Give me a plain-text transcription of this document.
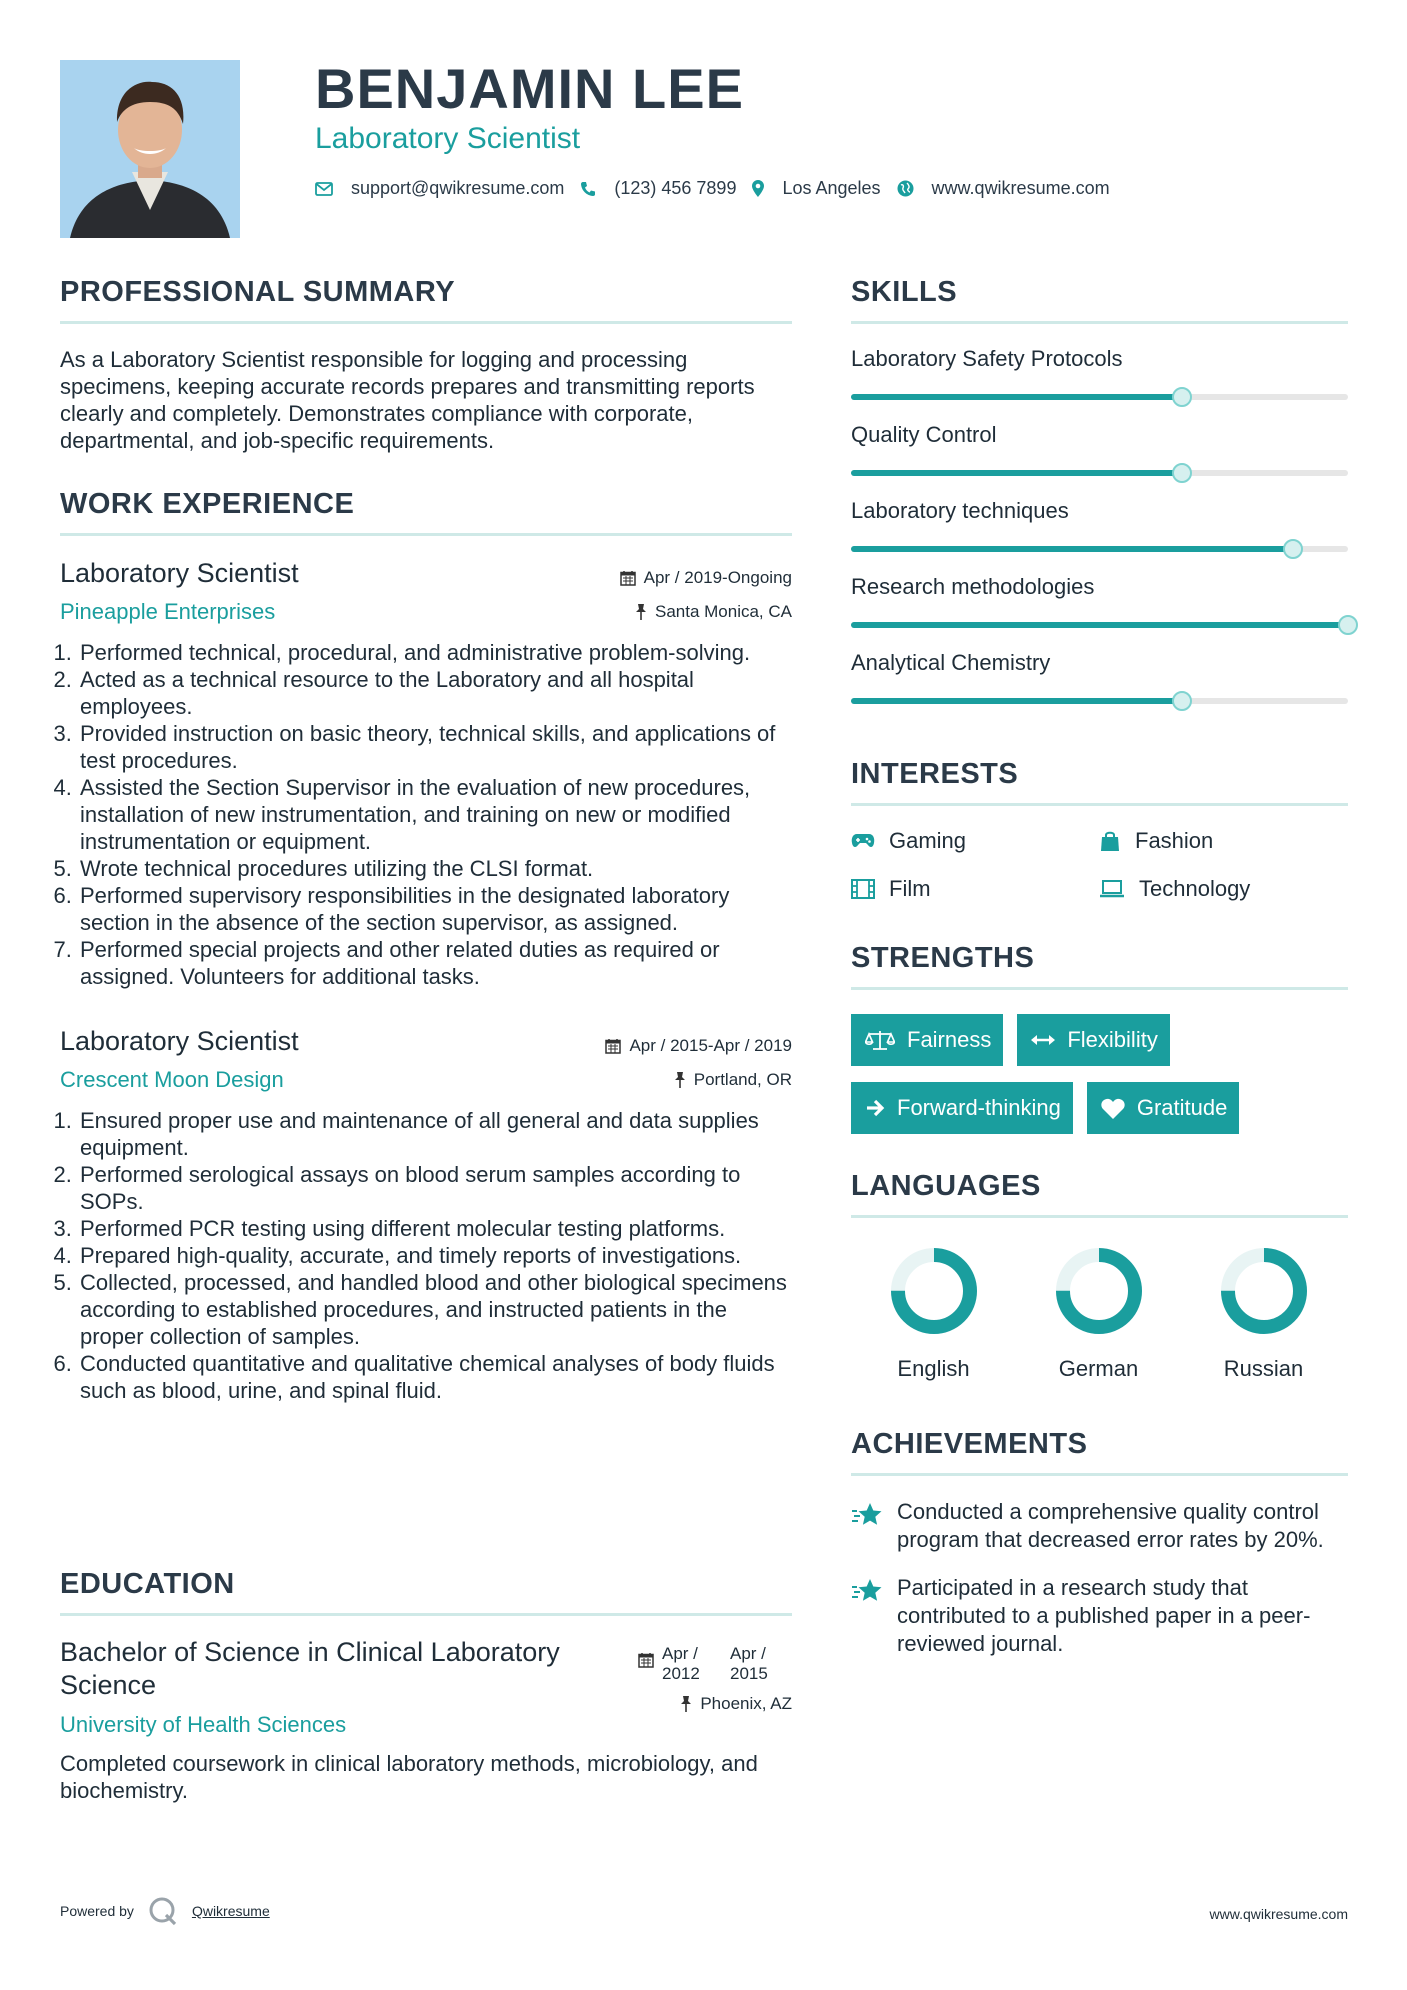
BENJAMIN LEE
Laboratory Scientist
support@qwikresume.com	(123) 456 7899	Los Angeles	www.qwikresume.com
PROFESSIONAL SUMMARY
As a Laboratory Scientist responsible for logging and processing specimens, keeping accurate records prepares and transmitting reports clearly and completely. Demonstrates compliance with corporate, departmental, and job-specific requirements.
WORK EXPERIENCE
Laboratory Scientist
Pineapple Enterprises
Apr / 2019-Ongoing
Santa Monica, CA
1. Performed technical, procedural, and administrative problem-solving.
2. Acted as a technical resource to the Laboratory and all hospital employees.
3. Provided instruction on basic theory, technical skills, and applications of test procedures.
4. Assisted the Section Supervisor in the evaluation of new procedures, installation of new instrumentation, and training on new or modified instrumentation or equipment.
5. Wrote technical procedures utilizing the CLSI format.
6. Performed supervisory responsibilities in the designated laboratory section in the absence of the section supervisor, as assigned.
7. Performed special projects and other related duties as required or assigned. Volunteers for additional tasks.
Laboratory Scientist
Crescent Moon Design
Apr / 2015-Apr / 2019
Portland, OR
1. Ensured proper use and maintenance of all general and data supplies equipment.
2. Performed serological assays on blood serum samples according to SOPs.
3. Performed PCR testing using different molecular testing platforms.
4. Prepared high-quality, accurate, and timely reports of investigations.
5. Collected, processed, and handled blood and other biological specimens according to established procedures, and instructed patients in the proper collection of samples.
6. Conducted quantitative and qualitative chemical analyses of body fluids such as blood, urine, and spinal fluid.
EDUCATION
Bachelor of Science in Clinical Laboratory Science
University of Health Sciences
Apr / 2012
Apr / 2015
Phoenix, AZ
Completed coursework in clinical laboratory methods, microbiology, and biochemistry.
SKILLS
Laboratory Safety Protocols
Quality Control
Laboratory techniques
Research methodologies
Analytical Chemistry
INTERESTS
Gaming	Fashion
Film	Technology
STRENGTHS
Fairness	Flexibility
Forward-thinking	Gratitude
LANGUAGES
English	German	Russian
ACHIEVEMENTS
Conducted a comprehensive quality control program that decreased error rates by 20%.
Participated in a research study that contributed to a published paper in a peer-reviewed journal.
Powered by	Qwikresume	www.qwikresume.com
